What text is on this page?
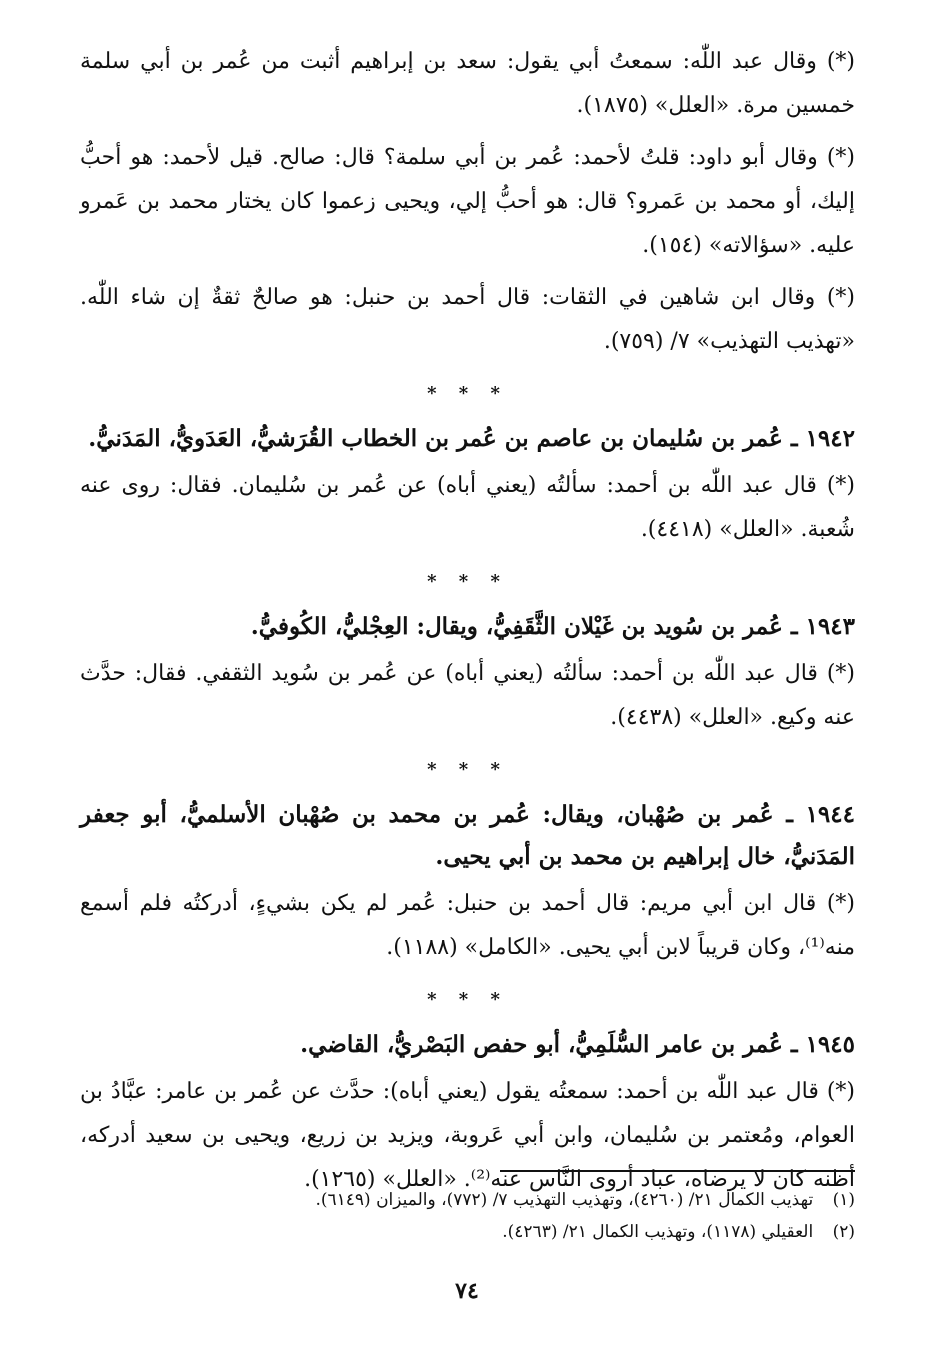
(*) وقال عبد اللّٰه: سمعتُ أبي يقول: سعد بن إبراهيم أثبت من عُمر بن أبي سلمة خمسين مرة. «العلل» (١٨٧٥).

(*) وقال أبو داود: قلتُ لأحمد: عُمر بن أبي سلمة؟ قال: صالح. قيل لأحمد: هو أحبُّ إليك، أو محمد بن عَمرو؟ قال: هو أحبُّ إلي، ويحيى زعموا كان يختار محمد بن عَمرو عليه. «سؤالاته» (١٥٤).

(*) وقال ابن شاهين في الثقات: قال أحمد بن حنبل: هو صالحٌ ثقةٌ إن شاء اللّٰه. «تهذيب التهذيب» ٧/ (٧٥٩).

* * *
١٩٤٢ ـ عُمر بن سُليمان بن عاصم بن عُمر بن الخطاب القُرَشيُّ، العَدَويُّ، المَدَنيُّ.

(*) قال عبد اللّٰه بن أحمد: سألتُه (يعني أباه) عن عُمر بن سُليمان. فقال: روى عنه شُعبة. «العلل» (٤٤١٨).

* * *
١٩٤٣ ـ عُمر بن سُويد بن غَيْلان الثَّقَفِيُّ، ويقال: العِجْليُّ، الكُوفيُّ.

(*) قال عبد اللّٰه بن أحمد: سألتُه (يعني أباه) عن عُمر بن سُويد الثقفي. فقال: حدَّث عنه وكيع. «العلل» (٤٤٣٨).

* * *
١٩٤٤ ـ عُمر بن صُهْبان، ويقال: عُمر بن محمد بن صُهْبان الأسلميُّ، أبو جعفر المَدَنيُّ، خال إبراهيم بن محمد بن أبي يحيى.

(*) قال ابن أبي مريم: قال أحمد بن حنبل: عُمر لم يكن بشيءٍ، أدركتُه فلم أسمع منه⁽¹⁾، وكان قريباً لابن أبي يحيى. «الكامل» (١١٨٨).

* * *
١٩٤٥ ـ عُمر بن عامر السُّلَمِيُّ، أبو حفص البَصْريُّ، القاضي.

(*) قال عبد اللّٰه بن أحمد: سمعتُه يقول (يعني أباه): حدَّث عن عُمر بن عامر: عبَّادُ بن العوام، ومُعتمر بن سُليمان، وابن أبي عَروبة، ويزيد بن زريع، ويحيى بن سعيد أدركه، أظنه كان لا يرضاه، عباد أروى النَّاس عنه⁽²⁾. «العلل» (١٢٦٥).

(١) تهذيب الكمال ٢١/ (٤٢٦٠)، وتهذيب التهذيب ٧/ (٧٧٢)، والميزان (٦١٤٩).
(٢) العقيلي (١١٧٨)، وتهذيب الكمال ٢١/ (٤٢٦٣).
٧٤
